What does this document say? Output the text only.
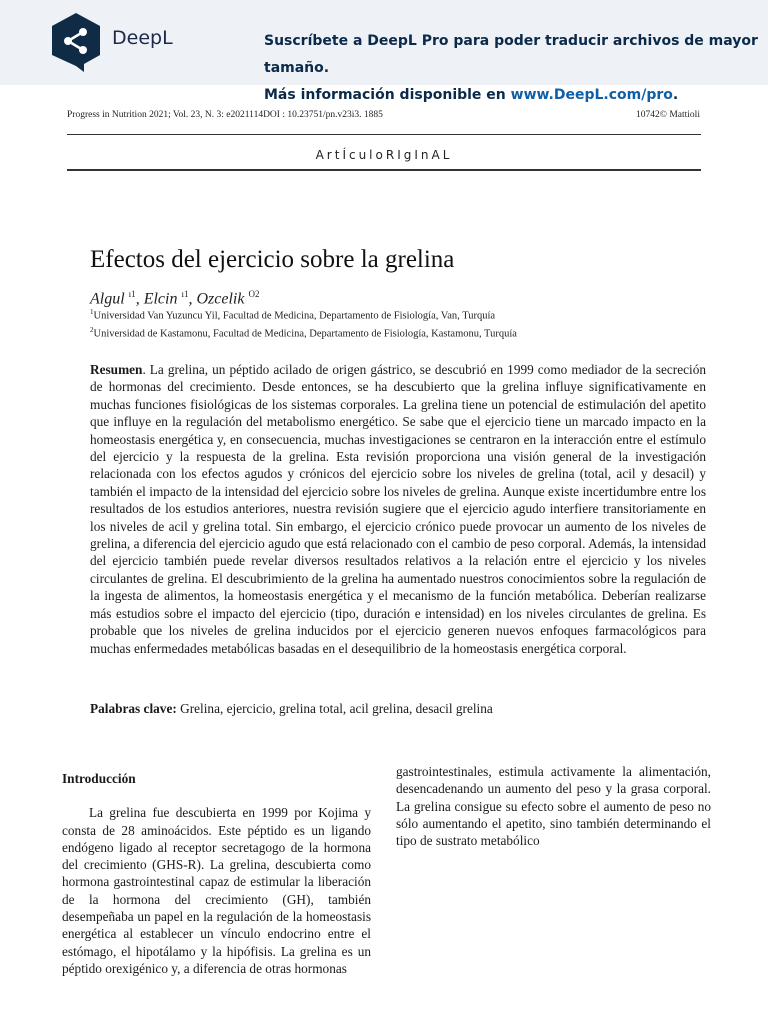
DeepL	Suscríbete a DeepL Pro para poder traducir archivos de mayor tamaño.
Más información disponible en www.DeepL.com/pro.
Progress in Nutrition 2021; Vol. 23, N. 3: e2021114DOI : 10.23751/pn.v23i3. 1885	10742© Mattioli
ArtÍculoRIgInAL
Efectos del ejercicio sobre la grelina
Algul $^{ı1}$, Elcin $^{ı1}$, Ozcelik $^{O2}$
$^1$Universidad Van Yuzuncu Yil, Facultad de Medicina, Departamento de Fisiología, Van, Turquía
$^2$Universidad de Kastamonu, Facultad de Medicina, Departamento de Fisiología, Kastamonu, Turquía
Resumen. La grelina, un péptido acilado de origen gástrico, se descubrió en 1999 como mediador de la secreción de hormonas del crecimiento. Desde entonces, se ha descubierto que la grelina influye significativamente en muchas funciones fisiológicas de los sistemas corporales. La grelina tiene un potencial de estimulación del apetito que influye en la regulación del metabolismo energético. Se sabe que el ejercicio tiene un marcado impacto en la homeostasis energética y, en consecuencia, muchas investigaciones se centraron en la interacción entre el estímulo del ejercicio y la respuesta de la grelina. Esta revisión proporciona una visión general de la investigación relacionada con los efectos agudos y crónicos del ejercicio sobre los niveles de grelina (total, acil y desacil) y también el impacto de la intensidad del ejercicio sobre los niveles de grelina. Aunque existe incertidumbre entre los resultados de los estudios anteriores, nuestra revisión sugiere que el ejercicio agudo interfiere transitoriamente en los niveles de acil y grelina total. Sin embargo, el ejercicio crónico puede provocar un aumento de los niveles de grelina, a diferencia del ejercicio agudo que está relacionado con el cambio de peso corporal. Además, la intensidad del ejercicio también puede revelar diversos resultados relativos a la relación entre el ejercicio y los niveles circulantes de grelina. El descubrimiento de la grelina ha aumentado nuestros conocimientos sobre la regulación de la ingesta de alimentos, la homeostasis energética y el mecanismo de la función metabólica. Deberían realizarse más estudios sobre el impacto del ejercicio (tipo, duración e intensidad) en los niveles circulantes de grelina. Es probable que los niveles de grelina inducidos por el ejercicio generen nuevos enfoques farmacológicos para muchas enfermedades metabólicas basadas en el desequilibrio de la homeostasis energética corporal.
Palabras clave: Grelina, ejercicio, grelina total, acil grelina, desacil grelina
Introducción

La grelina fue descubierta en 1999 por Kojima y consta de 28 aminoácidos. Este péptido es un ligando endógeno ligado al receptor secretagogo de la hormona del crecimiento (GHS-R). La grelina, descubierta como hormona gastrointestinal capaz de estimular la liberación de la hormona del crecimiento (GH), también desempeñaba un papel en la regulación de la homeostasis energética al establecer un vínculo endocrino entre el estómago, el hipotálamo y la hipófisis. La grelina es un péptido orexigénico y, a diferencia de otras hormonas

gastrointestinales, estimula activamente la alimentación, desencadenando un aumento del peso y la grasa corporal. La grelina consigue su efecto sobre el aumento de peso no sólo aumentando el apetito, sino también determinando el tipo de sustrato metabólico
